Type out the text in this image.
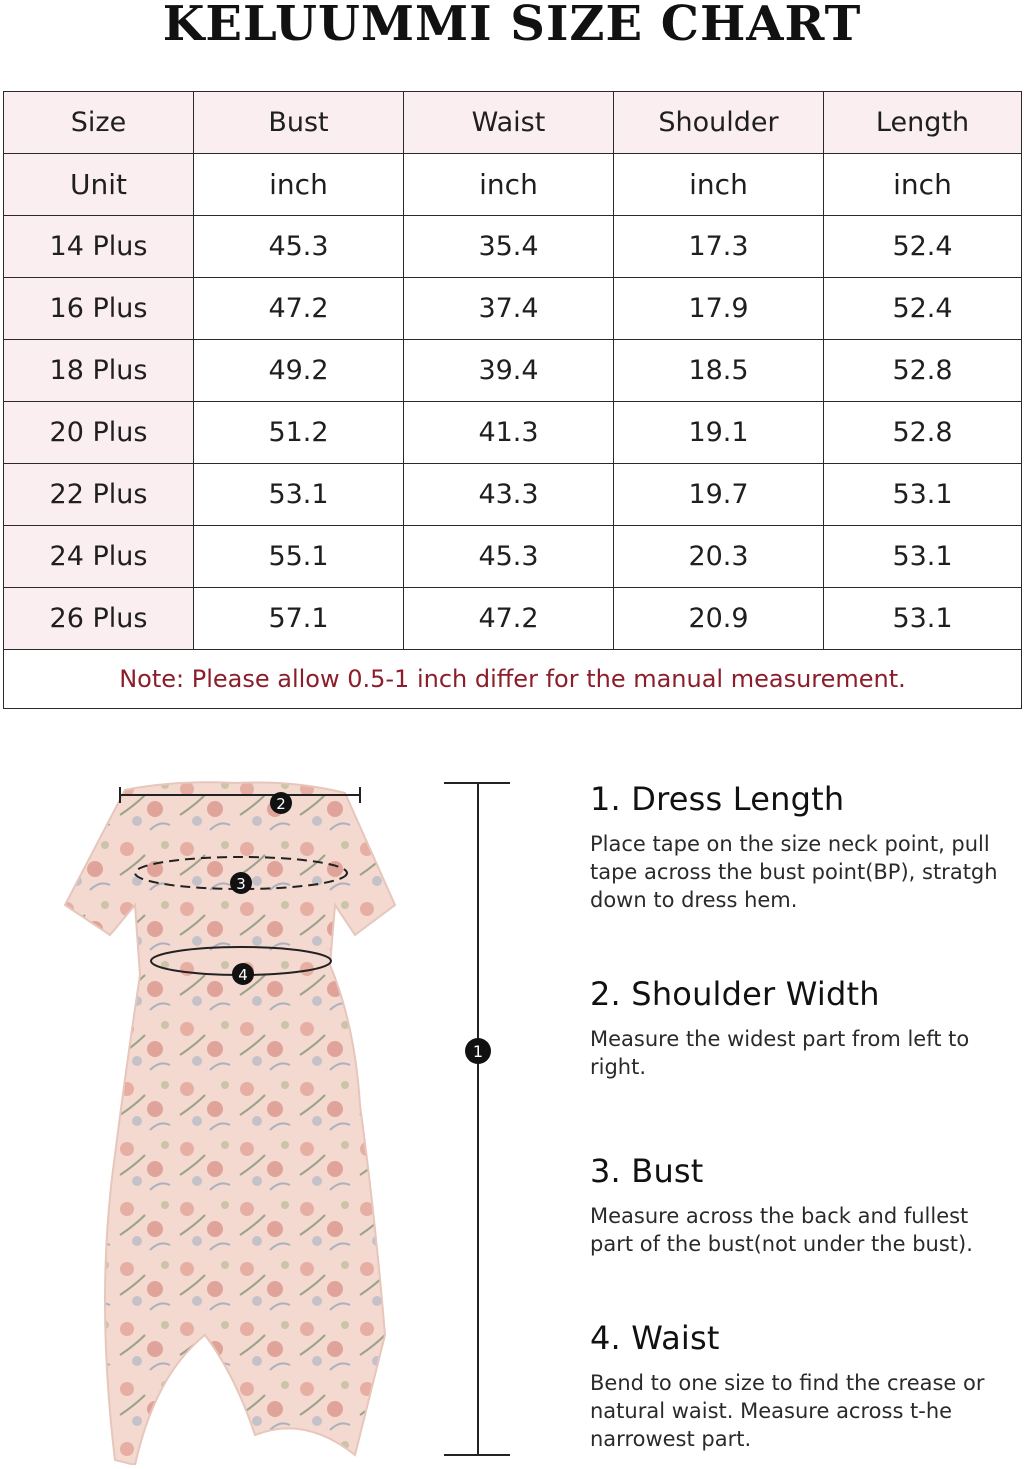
KELUUMMI SIZE CHART
Size	Bust	Waist	Shoulder	Length
Unit	inch	inch	inch	inch
14 Plus	45.3	35.4	17.3	52.4
16 Plus	47.2	37.4	17.9	52.4
18 Plus	49.2	39.4	18.5	52.8
20 Plus	51.2	41.3	19.1	52.8
22 Plus	53.1	43.3	19.7	53.1
24 Plus	55.1	45.3	20.3	53.1
26 Plus	57.1	47.2	20.9	53.1
Note: Please allow 0.5-1 inch differ for the manual measurement.				
2
3
4
1
1. Dress Length

Place tape on the size neck point, pull tape across the bust point(BP), stratgh down to dress hem.

2. Shoulder Width

Measure the widest part from left to right.

3. Bust

Measure across the back and fullest part of the bust(not under the bust).

4. Waist

Bend to one size to find the crease or natural waist. Measure across t-he narrowest part.
